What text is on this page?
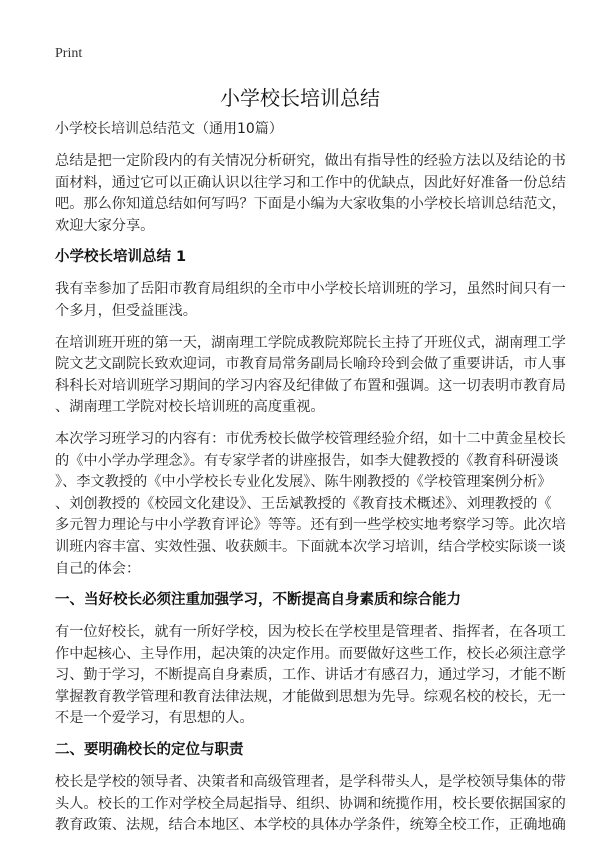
Print
小学校长培训总结
小学校长培训总结范文（通用10篇）
总结是把一定阶段内的有关情况分析研究，做出有指导性的经验方法以及结论的书
面材料，通过它可以正确认识以往学习和工作中的优缺点，因此好好准备一份总结
吧。那么你知道总结如何写吗？下面是小编为大家收集的小学校长培训总结范文，
欢迎大家分享。
小学校长培训总结 1
我有幸参加了岳阳市教育局组织的全市中小学校长培训班的学习，虽然时间只有一
个多月，但受益匪浅。
在培训班开班的第一天，湖南理工学院成教院郑院长主持了开班仪式，湖南理工学
院文艺文副院长致欢迎词，市教育局常务副局长喻玲玲到会做了重要讲话，市人事
科科长对培训班学习期间的学习内容及纪律做了布置和强调。这一切表明市教育局
、湖南理工学院对校长培训班的高度重视。
本次学习班学习的内容有：市优秀校长做学校管理经验介绍，如十二中黄金星校长
的《中小学办学理念》。有专家学者的讲座报告，如李大健教授的《教育科研漫谈
》、李文教授的《中小学校长专业化发展》、陈牛刚教授的《学校管理案例分析》
、刘创教授的《校园文化建设》、王岳斌教授的《教育技术概述》、刘理教授的《
多元智力理论与中小学教育评论》等等。还有到一些学校实地考察学习等。此次培
训班内容丰富、实效性强、收获颇丰。下面就本次学习培训，结合学校实际谈一谈
自己的体会：
一、当好校长必须注重加强学习，不断提高自身素质和综合能力
有一位好校长，就有一所好学校，因为校长在学校里是管理者、指挥者，在各项工
作中起核心、主导作用，起决策的决定作用。而要做好这些工作，校长必须注意学
习、勤于学习，不断提高自身素质，工作、讲话才有感召力，通过学习，才能不断
掌握教育教学管理和教育法律法规，才能做到思想为先导。综观名校的校长，无一
不是一个爱学习，有思想的人。
二、要明确校长的定位与职责
校长是学校的领导者、决策者和高级管理者，是学科带头人，是学校领导集体的带
头人。校长的工作对学校全局起指导、组织、协调和统揽作用，校长要依据国家的
教育政策、法规，结合本地区、本学校的具体办学条件，统筹全校工作，正确地确
